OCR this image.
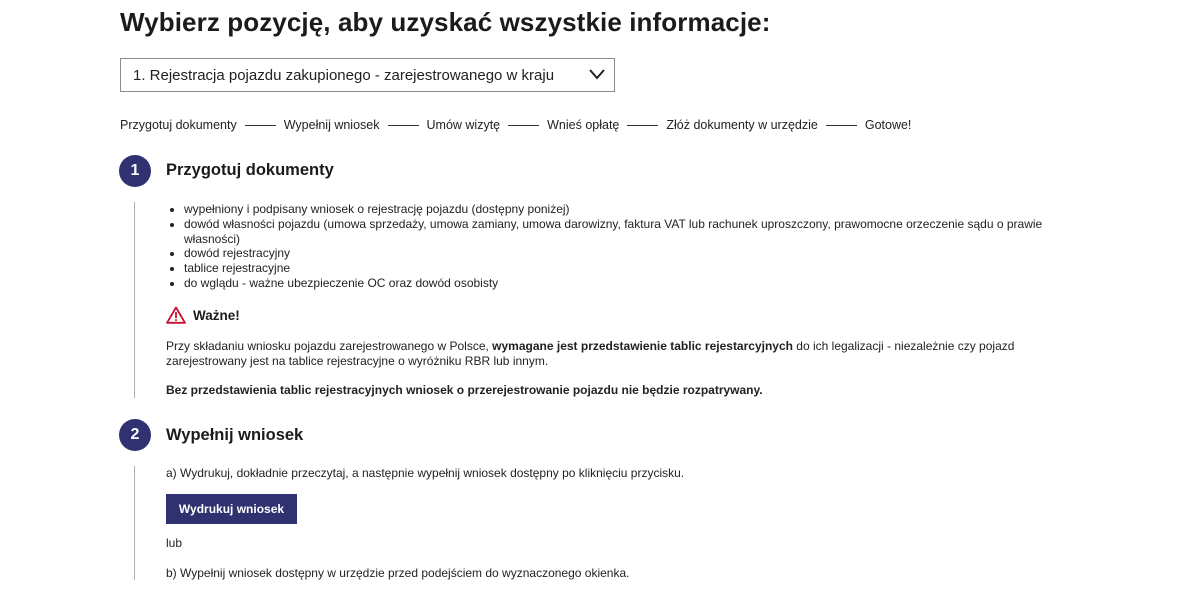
Wybierz pozycję, aby uzyskać wszystkie informacje:
1. Rejestracja pojazdu zakupionego - zarejestrowanego w kraju
Przygotuj dokumenty	Wypełnij wniosek	Umów wizytę	Wnieś opłatę	Złóż dokumenty w urzędzie	Gotowe!
1	Przygotuj dokumenty
• wypełniony i podpisany wniosek o rejestrację pojazdu (dostępny poniżej)
• dowód własności pojazdu (umowa sprzedaży, umowa zamiany, umowa darowizny, faktura VAT lub rachunek uproszczony, prawomocne orzeczenie sądu o prawie własności)
• dowód rejestracyjny
• tablice rejestracyjne
• do wglądu - ważne ubezpieczenie OC oraz dowód osobisty
Ważne!

Przy składaniu wniosku pojazdu zarejestrowanego w Polsce, wymagane jest przedstawienie tablic rejestarcyjnych do ich legalizacji - niezależnie czy pojazd zarejestrowany jest na tablice rejestracyjne o wyróżniku RBR lub innym.

Bez przedstawienia tablic rejestracyjnych wniosek o przerejestrowanie pojazdu nie będzie rozpatrywany.

2	Wypełnij wniosek

a) Wydrukuj, dokładnie przeczytaj, a następnie wypełnij wniosek dostępny po kliknięciu przycisku.

Wydrukuj wniosek

lub

b) Wypełnij wniosek dostępny w urzędzie przed podejściem do wyznaczonego okienka.
